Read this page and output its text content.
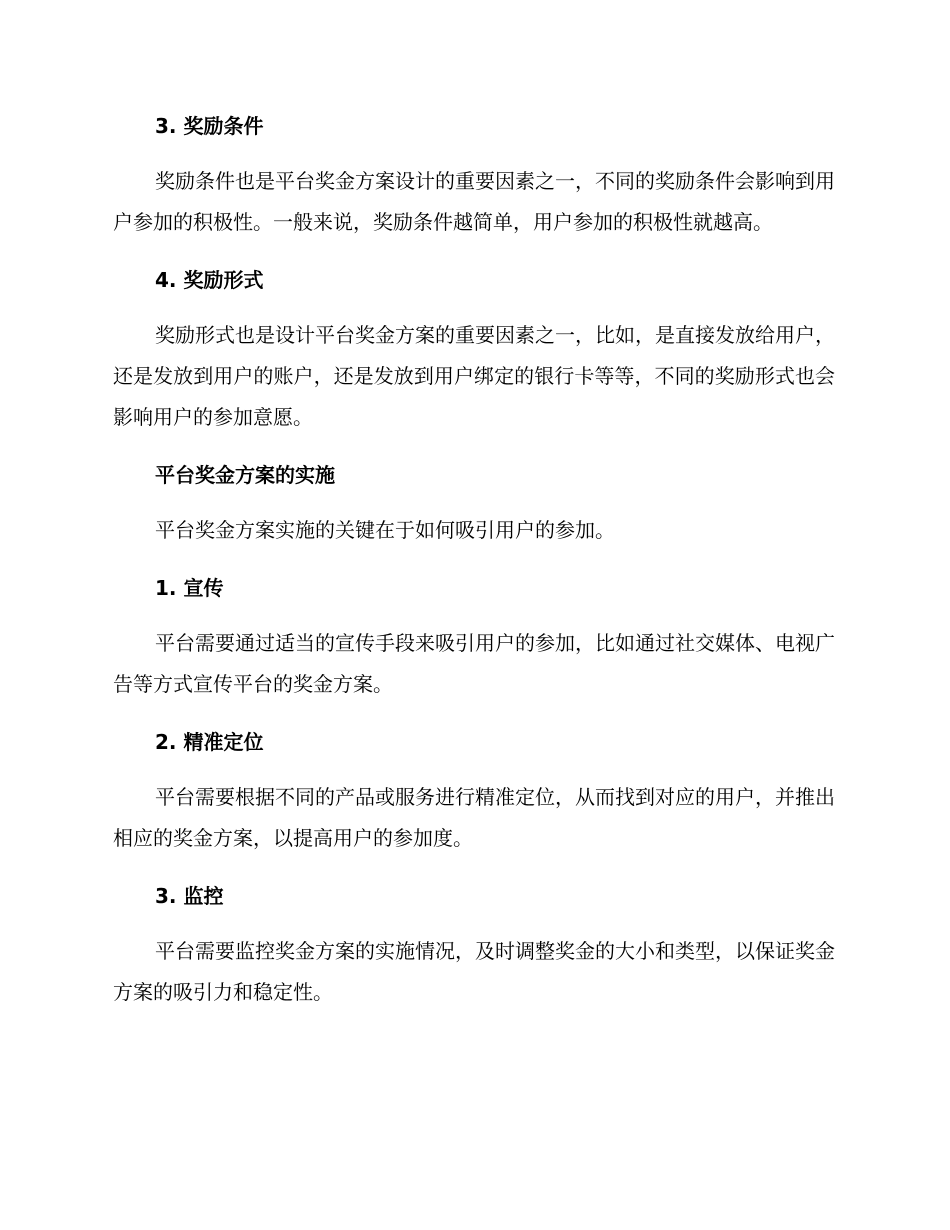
3. 奖励条件

奖励条件也是平台奖金方案设计的重要因素之一，不同的奖励条件会影响到用户参加的积极性。一般来说，奖励条件越简单，用户参加的积极性就越高。

4. 奖励形式

奖励形式也是设计平台奖金方案的重要因素之一，比如，是直接发放给用户，还是发放到用户的账户，还是发放到用户绑定的银行卡等等，不同的奖励形式也会影响用户的参加意愿。

平台奖金方案的实施

平台奖金方案实施的关键在于如何吸引用户的参加。

1. 宣传

平台需要通过适当的宣传手段来吸引用户的参加，比如通过社交媒体、电视广告等方式宣传平台的奖金方案。

2. 精准定位

平台需要根据不同的产品或服务进行精准定位，从而找到对应的用户，并推出相应的奖金方案，以提高用户的参加度。

3. 监控

平台需要监控奖金方案的实施情况，及时调整奖金的大小和类型，以保证奖金方案的吸引力和稳定性。
